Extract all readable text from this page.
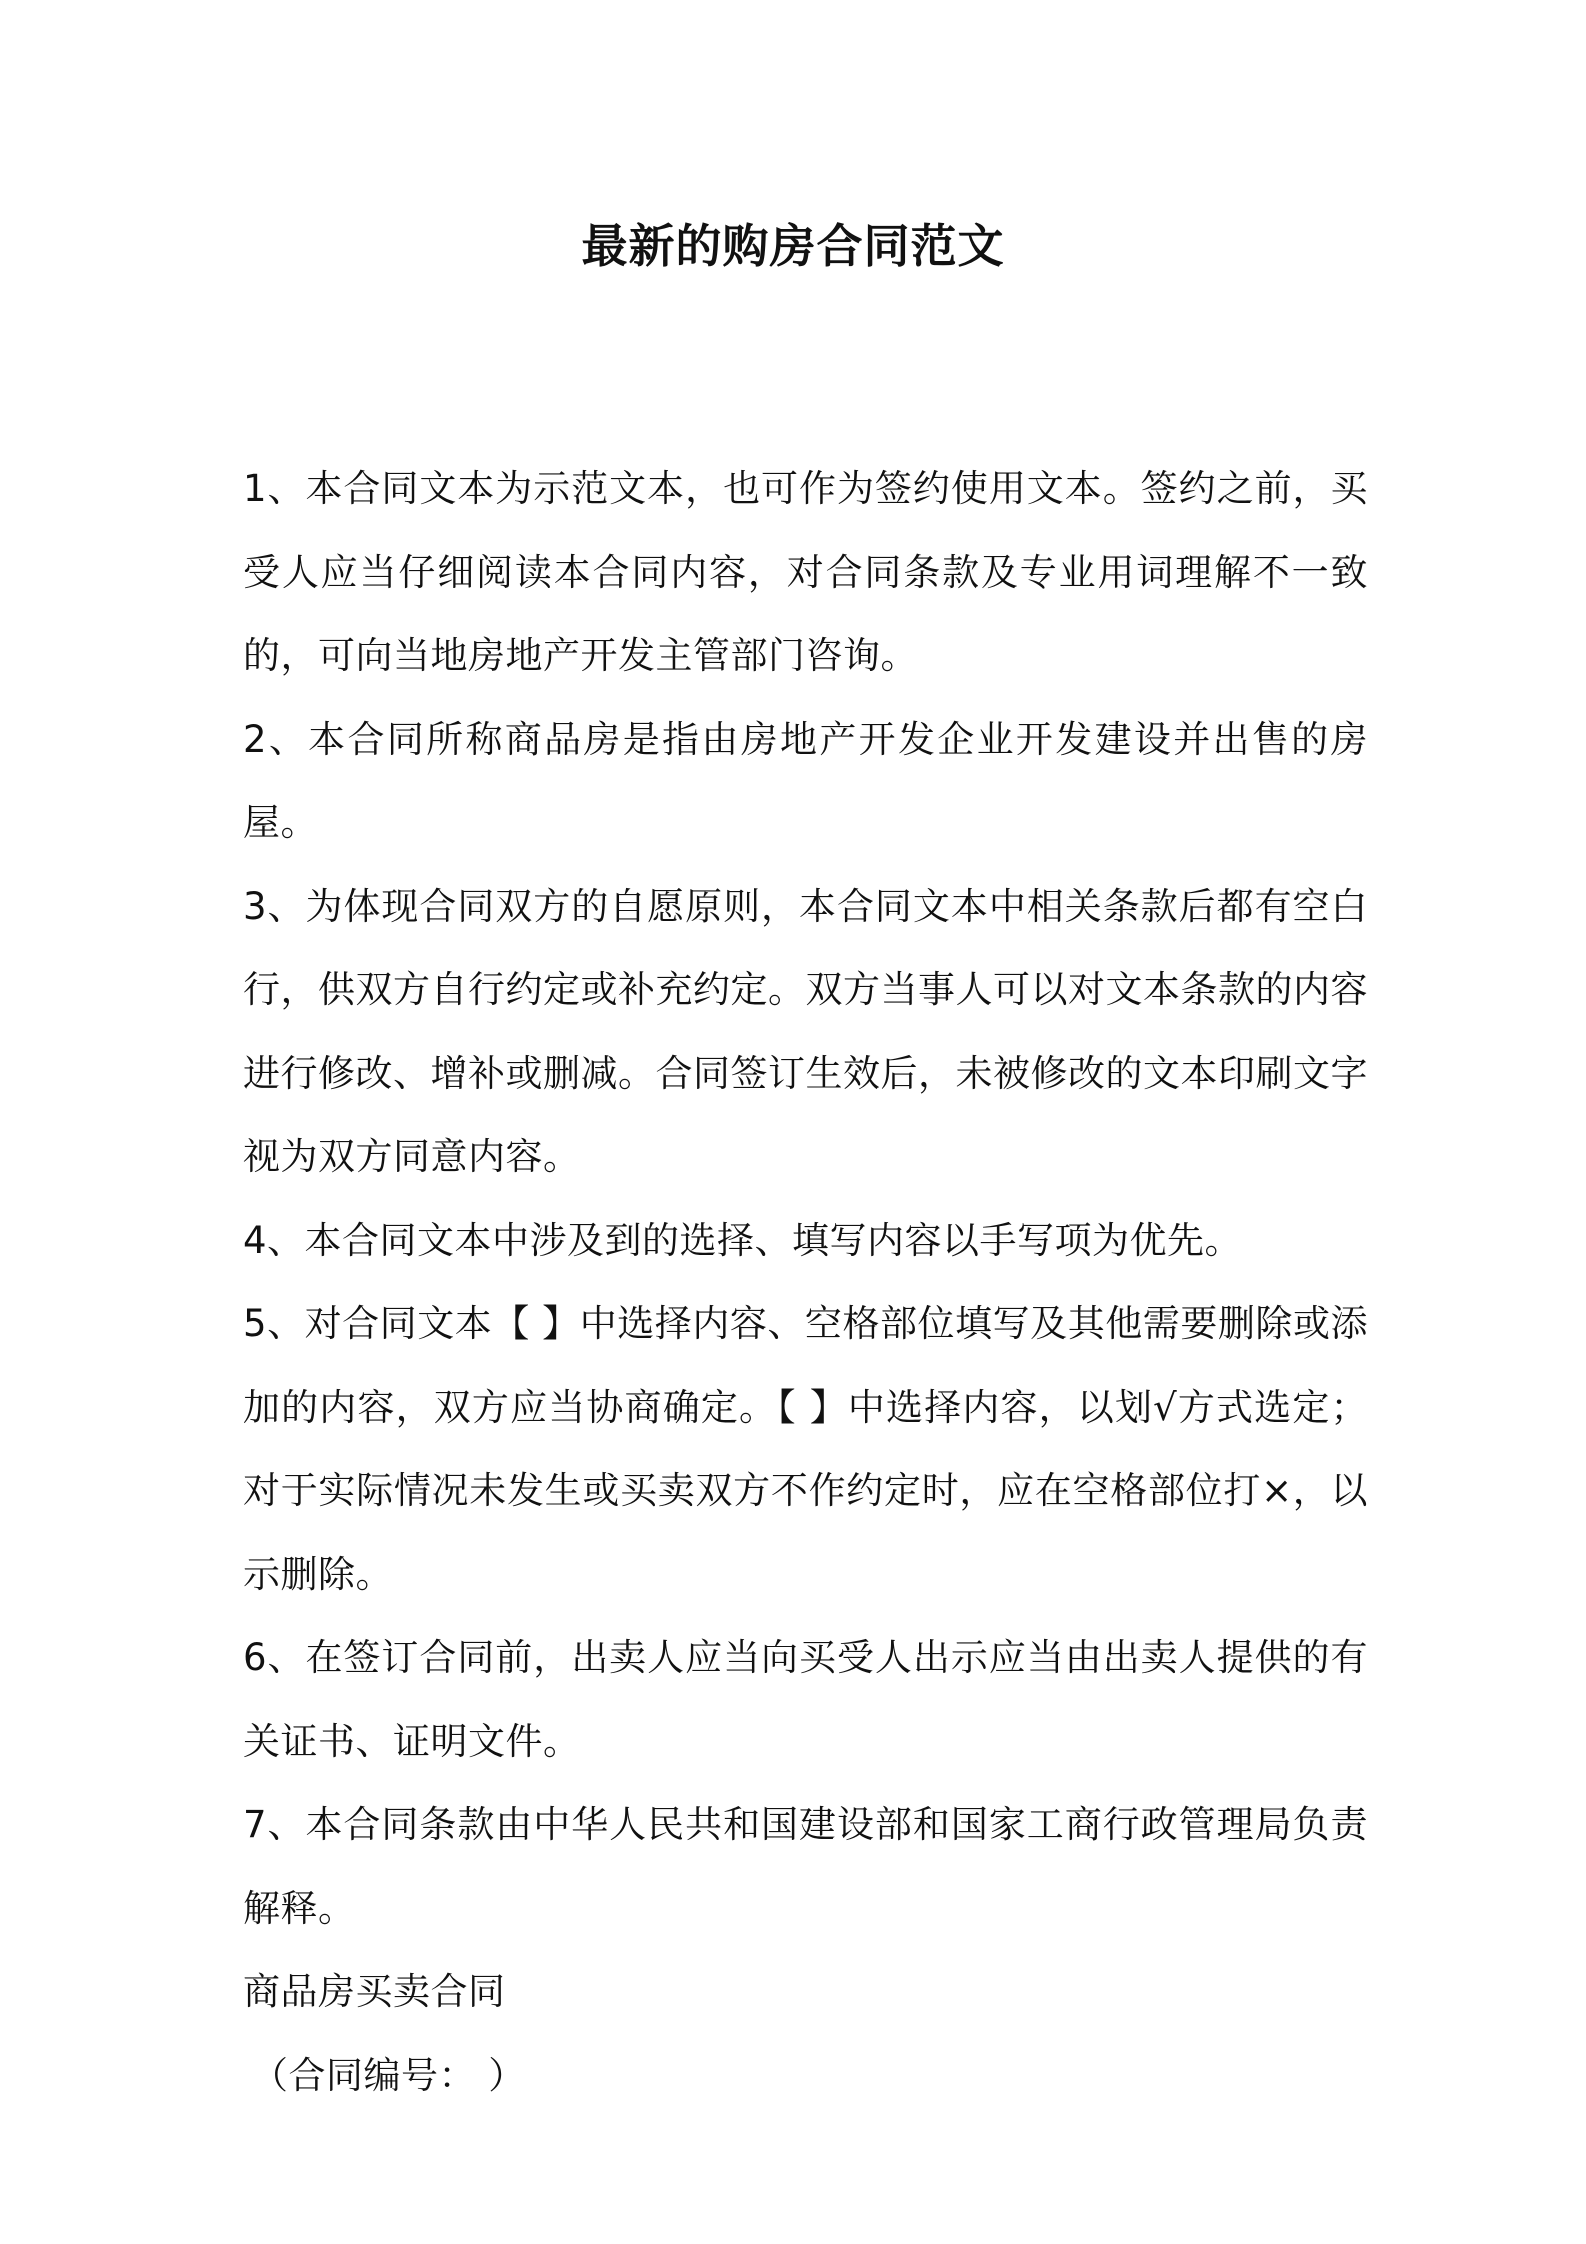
最新的购房合同范文

1、本合同文本为示范文本，也可作为签约使用文本。签约之前，买受人应当仔细阅读本合同内容，对合同条款及专业用词理解不一致的，可向当地房地产开发主管部门咨询。

2、本合同所称商品房是指由房地产开发企业开发建设并出售的房屋。

3、为体现合同双方的自愿原则，本合同文本中相关条款后都有空白行，供双方自行约定或补充约定。双方当事人可以对文本条款的内容进行修改、增补或删减。合同签订生效后，未被修改的文本印刷文字视为双方同意内容。

4、本合同文本中涉及到的选择、填写内容以手写项为优先。

5、对合同文本【 】中选择内容、空格部位填写及其他需要删除或添加的内容，双方应当协商确定。【 】中选择内容，以划√方式选定；对于实际情况未发生或买卖双方不作约定时，应在空格部位打×，以示删除。

6、在签订合同前，出卖人应当向买受人出示应当由出卖人提供的有关证书、证明文件。

7、本合同条款由中华人民共和国建设部和国家工商行政管理局负责解释。

商品房买卖合同

（合同编号： ）
